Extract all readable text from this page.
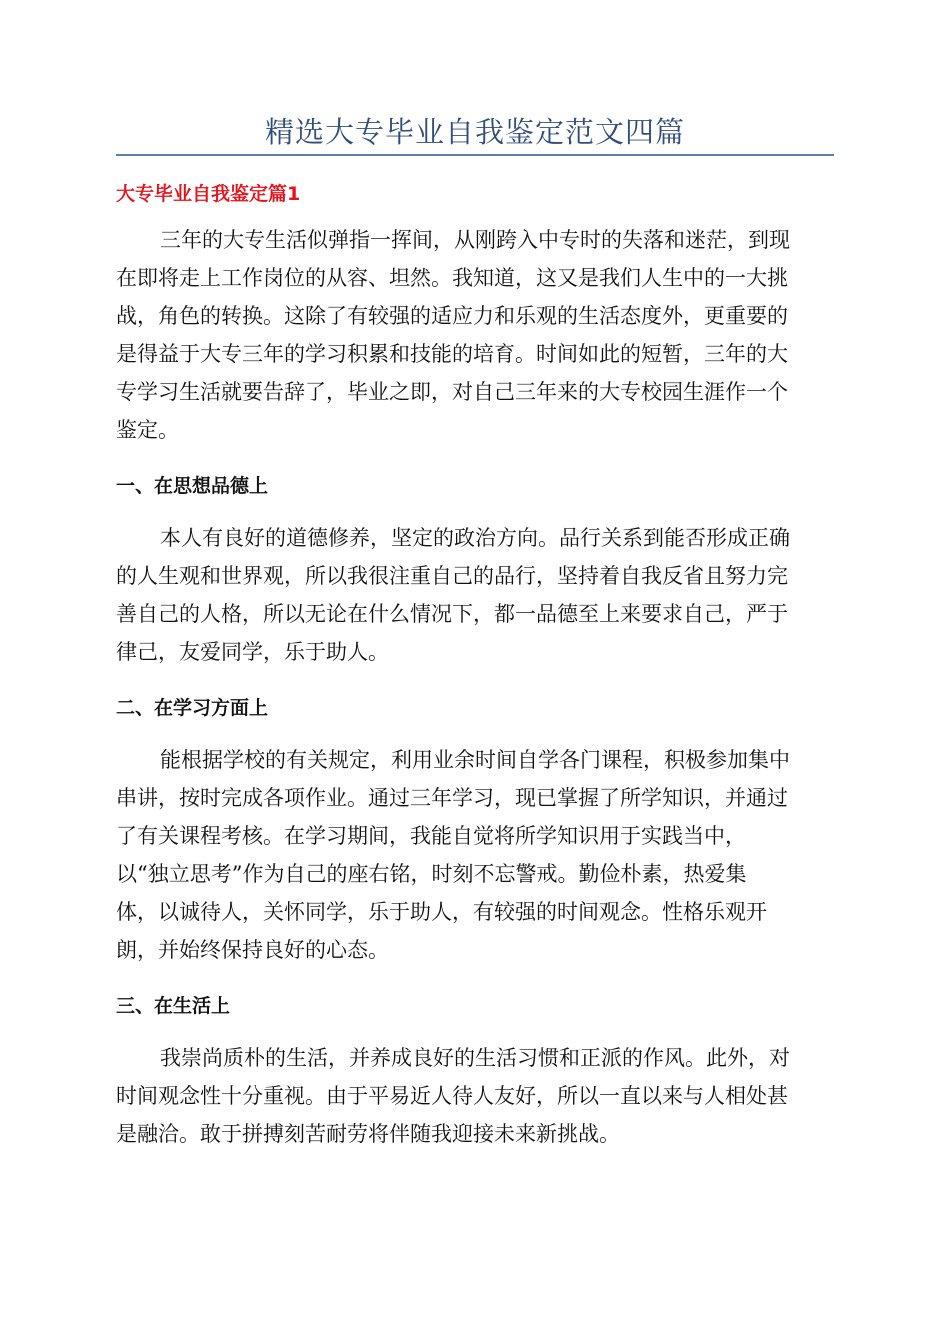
精选大专毕业自我鉴定范文四篇
大专毕业自我鉴定篇1
三年的大专生活似弹指一挥间，从刚跨入中专时的失落和迷茫，到现
在即将走上工作岗位的从容、坦然。我知道，这又是我们人生中的一大挑
战，角色的转换。这除了有较强的适应力和乐观的生活态度外，更重要的
是得益于大专三年的学习积累和技能的培育。时间如此的短暂，三年的大
专学习生活就要告辞了，毕业之即，对自己三年来的大专校园生涯作一个
鉴定。
一、在思想品德上
本人有良好的道德修养，坚定的政治方向。品行关系到能否形成正确
的人生观和世界观，所以我很注重自己的品行，坚持着自我反省且努力完
善自己的人格，所以无论在什么情况下，都一品德至上来要求自己，严于
律己，友爱同学，乐于助人。
二、在学习方面上
能根据学校的有关规定，利用业余时间自学各门课程，积极参加集中
串讲，按时完成各项作业。通过三年学习，现已掌握了所学知识，并通过
了有关课程考核。在学习期间，我能自觉将所学知识用于实践当中，
以“独立思考”作为自己的座右铭，时刻不忘警戒。勤俭朴素，热爱集
体，以诚待人，关怀同学，乐于助人，有较强的时间观念。性格乐观开
朗，并始终保持良好的心态。
三、在生活上
我崇尚质朴的生活，并养成良好的生活习惯和正派的作风。此外，对
时间观念性十分重视。由于平易近人待人友好，所以一直以来与人相处甚
是融洽。敢于拼搏刻苦耐劳将伴随我迎接未来新挑战。
